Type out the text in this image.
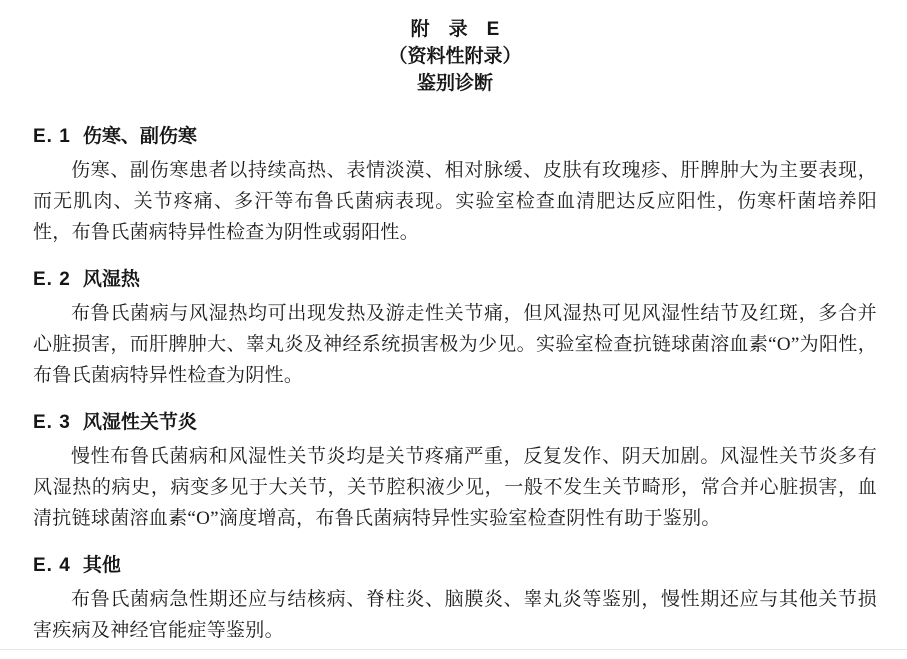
附　录　E
（资料性附录）
鉴别诊断
E. 1 伤寒、副伤寒

伤寒、副伤寒患者以持续高热、表情淡漠、相对脉缓、皮肤有玫瑰疹、肝脾肿大为主要表现，而无肌肉、关节疼痛、多汗等布鲁氏菌病表现。实验室检查血清肥达反应阳性，伤寒杆菌培养阳性，布鲁氏菌病特异性检查为阴性或弱阳性。

E. 2 风湿热

布鲁氏菌病与风湿热均可出现发热及游走性关节痛，但风湿热可见风湿性结节及红斑，多合并心脏损害，而肝脾肿大、睾丸炎及神经系统损害极为少见。实验室检查抗链球菌溶血素“O”为阳性，布鲁氏菌病特异性检查为阴性。

E. 3 风湿性关节炎

慢性布鲁氏菌病和风湿性关节炎均是关节疼痛严重，反复发作、阴天加剧。风湿性关节炎多有风湿热的病史，病变多见于大关节，关节腔积液少见，一般不发生关节畸形，常合并心脏损害，血清抗链球菌溶血素“O”滴度增高，布鲁氏菌病特异性实验室检查阴性有助于鉴别。

E. 4 其他

布鲁氏菌病急性期还应与结核病、脊柱炎、脑膜炎、睾丸炎等鉴别，慢性期还应与其他关节损害疾病及神经官能症等鉴别。
